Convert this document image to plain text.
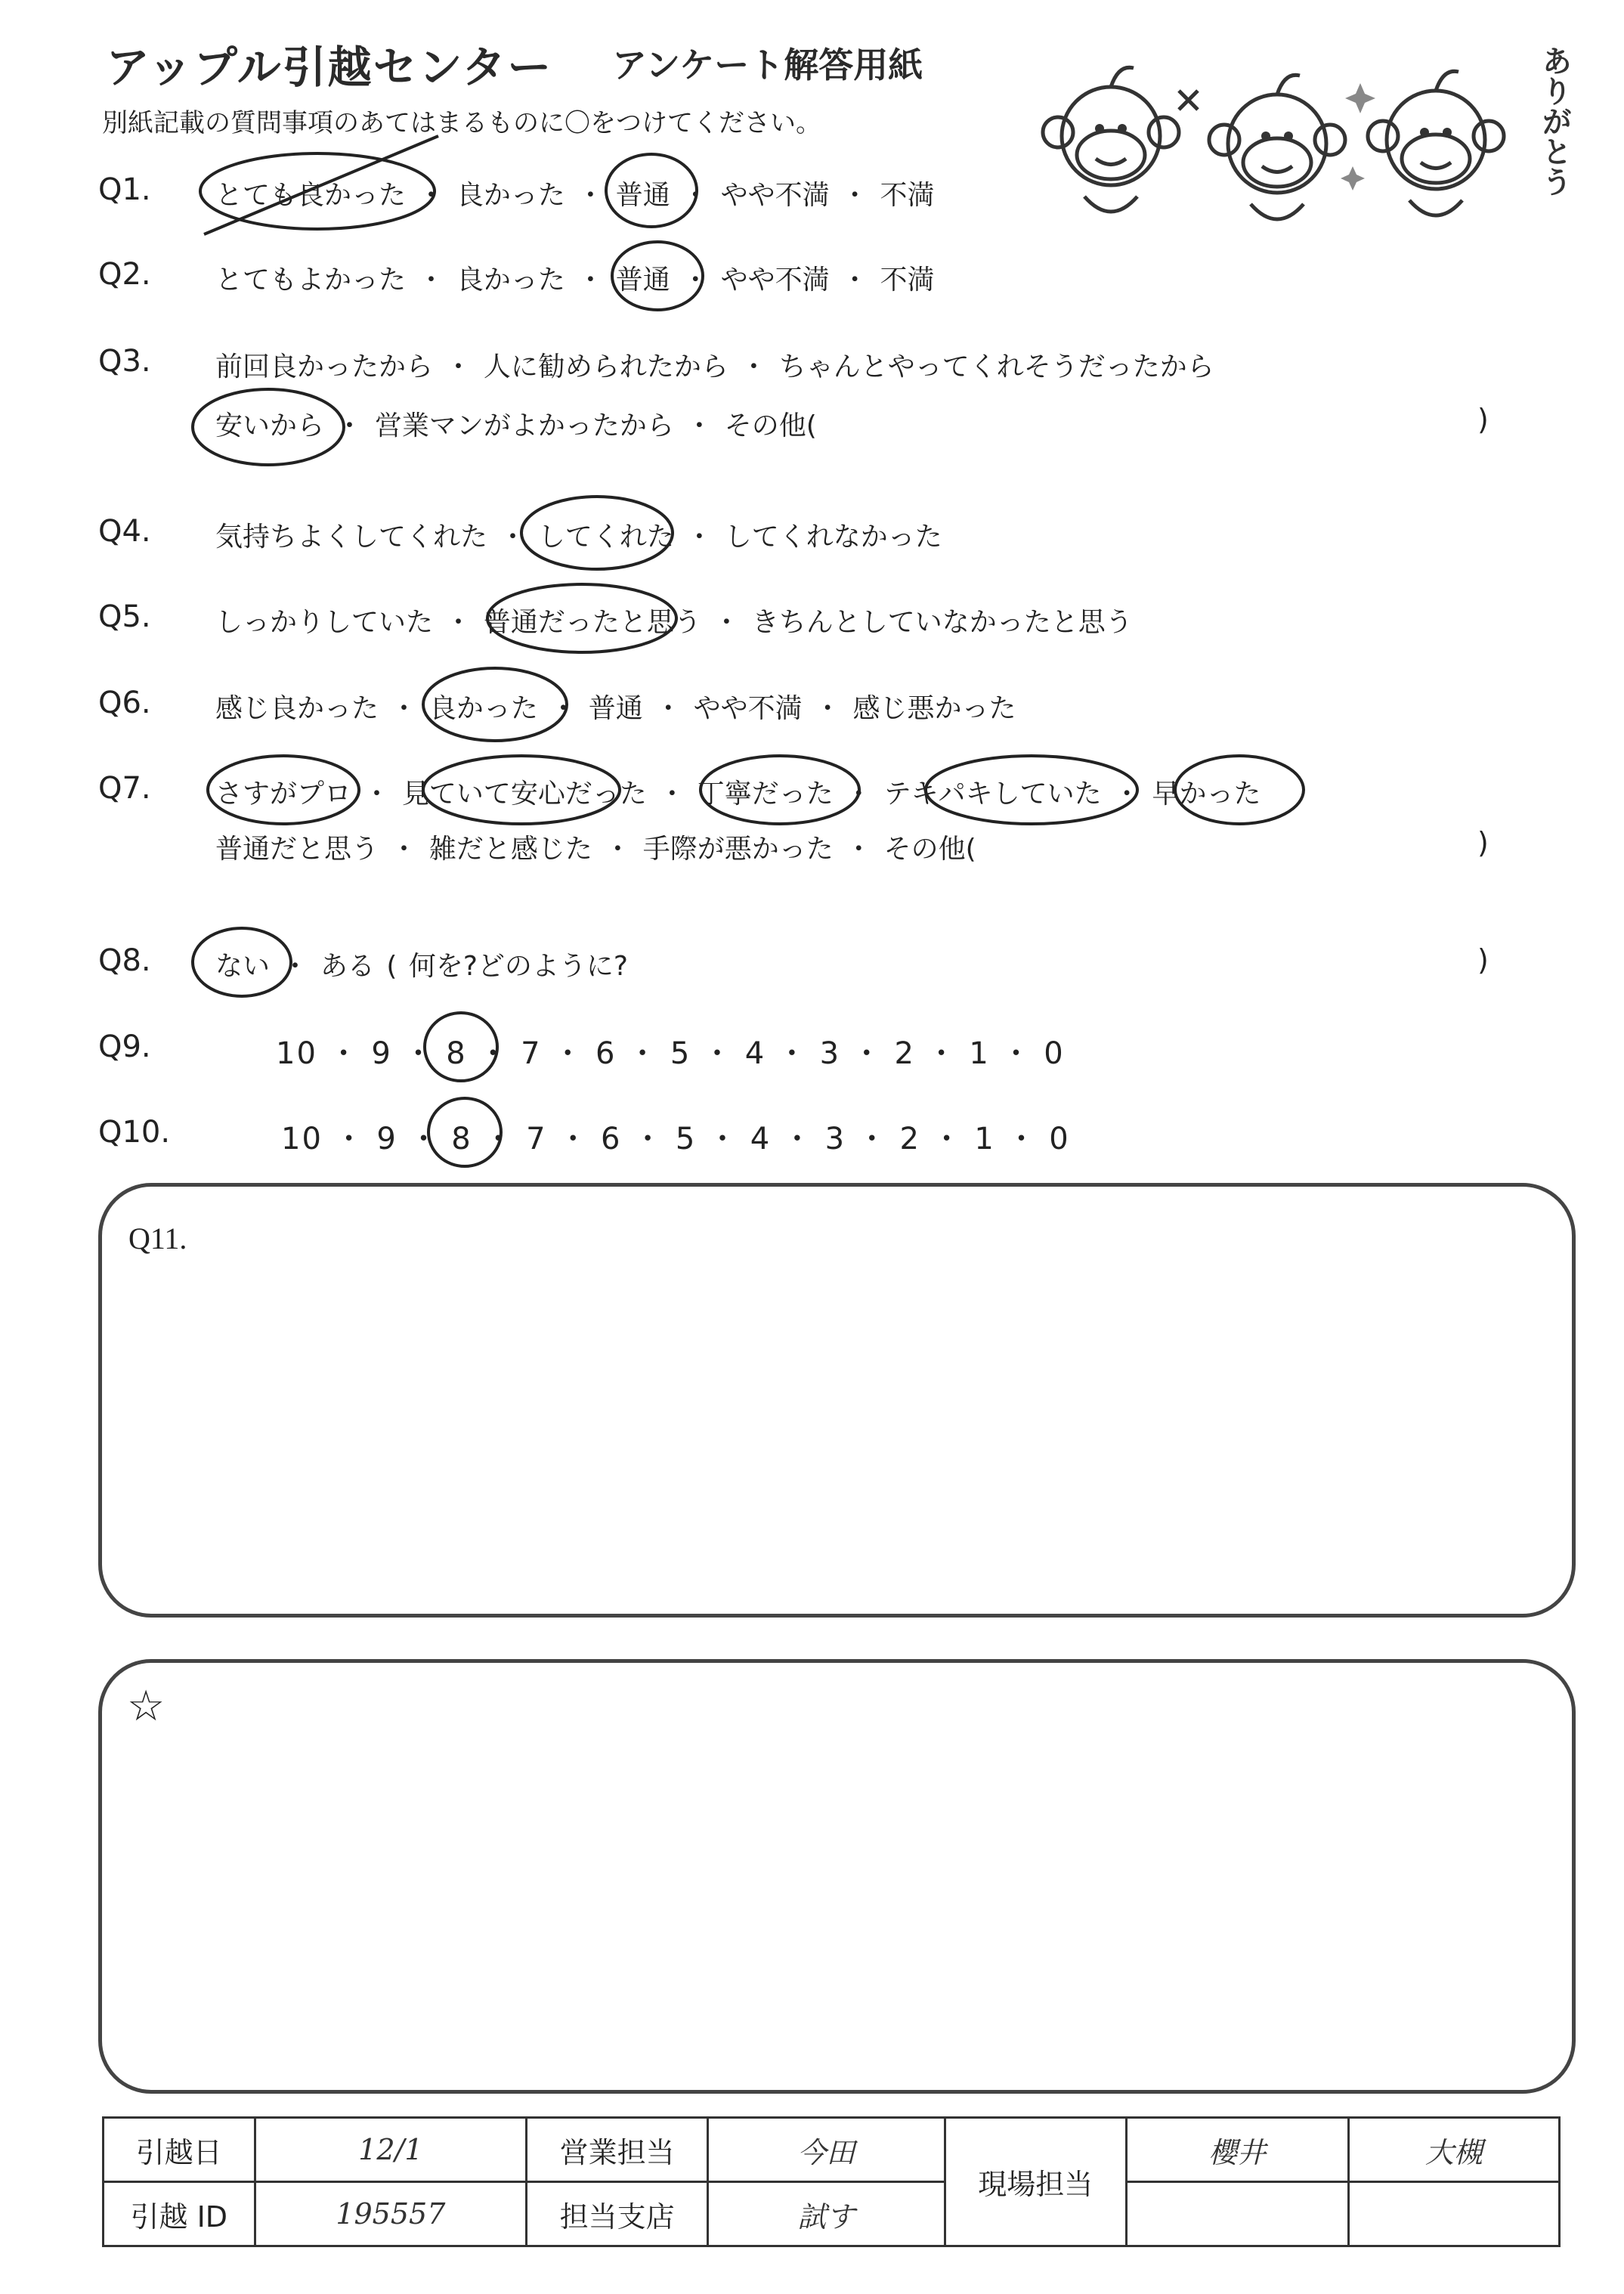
アップル引越センター アンケート解答用紙
別紙記載の質問事項のあてはまるものに〇をつけてください。	ありがとう
Q1. とても良かった ・ 良かった ・ 普通 ・ やや不満 ・ 不満
Q2. とてもよかった ・ 良かった ・ 普通 ・ やや不満 ・ 不満
Q3. 前回良かったから ・ 人に勧められたから ・ ちゃんとやってくれそうだったから
安いから ・ 営業マンがよかったから ・ その他(	)
Q4. 気持ちよくしてくれた ・ してくれた ・ してくれなかった
Q5. しっかりしていた ・ 普通だったと思う ・ きちんとしていなかったと思う
Q6. 感じ良かった ・ 良かった ・ 普通 ・ やや不満 ・ 感じ悪かった
Q7. さすがプロ ・ 見ていて安心だった ・ 丁寧だった ・ テキパキしていた ・ 早かった
普通だと思う ・ 雑だと感じた ・ 手際が悪かった ・ その他(	)
Q8. ない ・ ある ( 何を?どのように?	)
Q9.	10 ・ 9 ・ 8 ・ 7 ・ 6 ・ 5 ・ 4 ・ 3 ・ 2 ・ 1 ・ 0
Q10.	10 ・ 9 ・ 8 ・ 7 ・ 6 ・ 5 ・ 4 ・ 3 ・ 2 ・ 1 ・ 0
Q11.
☆
引越日	12/1	営業担当	今田	現場担当	櫻井	大槻
引越 ID	195557	担当支店	試す			
